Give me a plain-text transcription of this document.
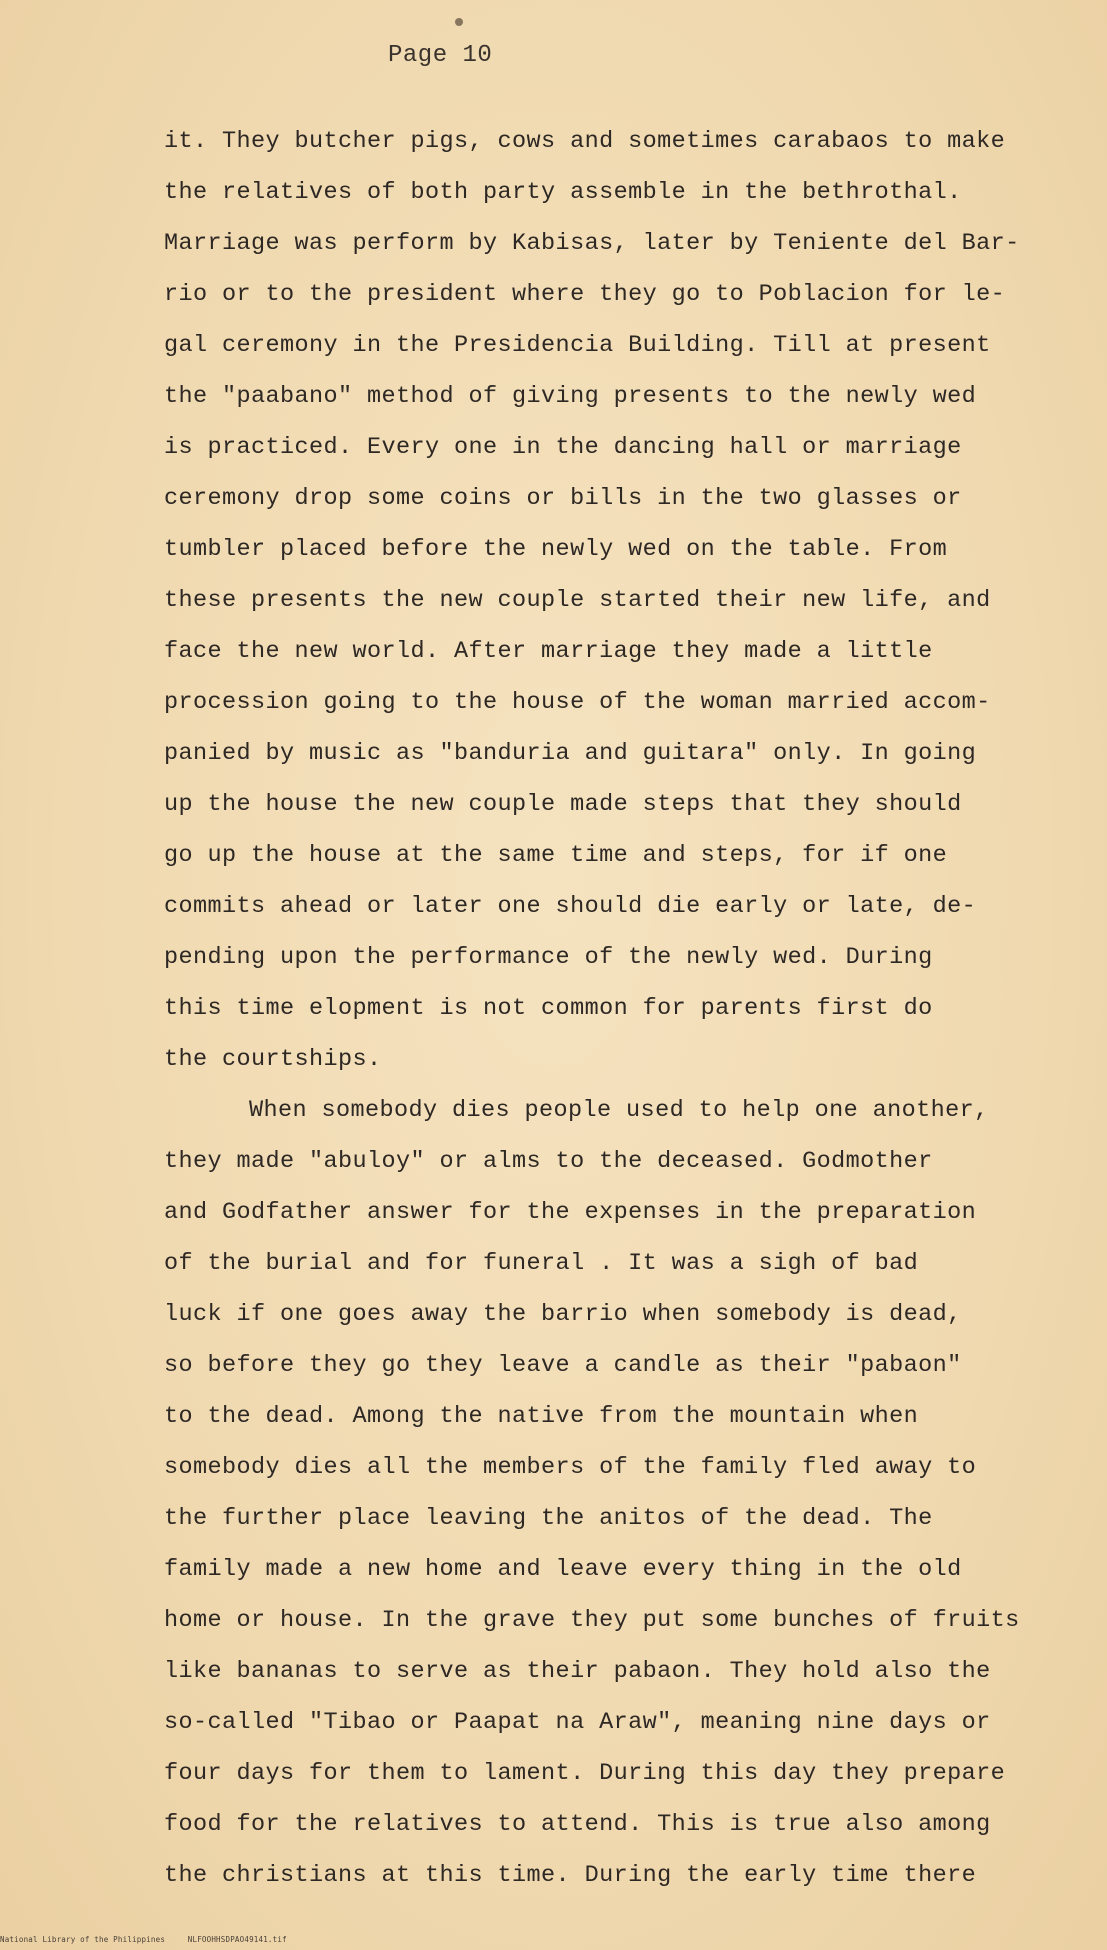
Page 10
it. They butcher pigs, cows and sometimes carabaos to make
the relatives of both party assemble in the bethrothal.
Marriage was perform by Kabisas, later by Teniente del Bar-
rio or to the president where they go to Poblacion for le-
gal ceremony in the Presidencia Building. Till at present
the "paabano" method of giving presents to the newly wed
is practiced. Every one in the dancing hall or marriage
ceremony drop some coins or bills in the two glasses or
tumbler placed before the newly wed on the table. From
these presents the new couple started their new life, and
face the new world. After marriage they made a little
procession going to the house of the woman married accom-
panied by music as "banduria and guitara" only. In going
up the house the new couple made steps that they should
go up the house at the same time and steps, for if one
commits ahead or later one should die early or late, de-
pending upon the performance of the newly wed. During
this time elopment is not common for parents first do
the courtships.
When somebody dies people used to help one another,
they made "abuloy" or alms to the deceased. Godmother
and Godfather answer for the expenses in the preparation
of the burial and for funeral . It was a sigh of bad
luck if one goes away the barrio when somebody is dead,
so before they go they leave a candle as their "pabaon"
to the dead. Among the native from the mountain when
somebody dies all the members of the family fled away to
the further place leaving the anitos of the dead. The
family made a new home and leave every thing in the old
home or house. In the grave they put some bunches of fruits
like bananas to serve as their pabaon. They hold also the
so-called "Tibao or Paapat na Araw", meaning nine days or
four days for them to lament. During this day they prepare
food for the relatives to attend. This is true also among
the christians at this time. During the early time there
National Library of the Philippines	NLFOOHHSDPAO49141.tif
